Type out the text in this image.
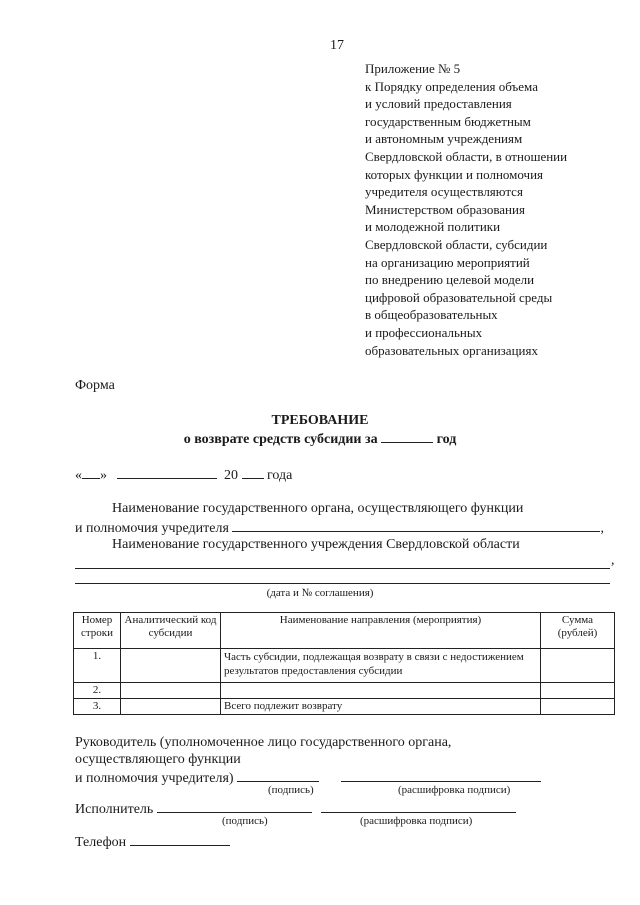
17
Приложение № 5
к Порядку определения объема
и условий предоставления
государственным бюджетным
и автономным учреждениям
Свердловской области, в отношении
которых функции и полномочия
учредителя осуществляются
Министерством образования
и молодежной политики
Свердловской области, субсидии
на организацию мероприятий
по внедрению целевой модели
цифровой образовательной среды
в общеобразовательных
и профессиональных
образовательных организациях
Форма
ТРЕБОВАНИЕ
о возврате средств субсидии за	год
« »	20 года
Наименование государственного органа, осуществляющего функции
и полномочия учредителя	,
Наименование государственного учреждения Свердловской области
,
(дата и № соглашения)
Номер строки	Аналитический код субсидии	Наименование направления (мероприятия)	Сумма (рублей)
1.		Часть субсидии, подлежащая возврату в связи с недостижением результатов предоставления субсидии	
2.			
3.		Всего подлежит возврату	
Руководитель (уполномоченное лицо государственного органа,
осуществляющего функции
и полномочия учредителя)
(подпись)	(расшифровка подписи)
Исполнитель
(подпись)	(расшифровка подписи)
Телефон
